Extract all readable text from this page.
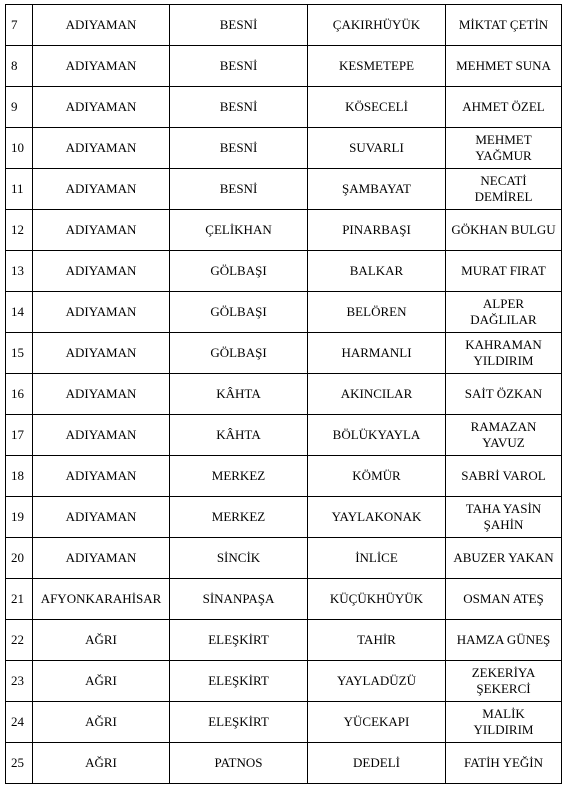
7	ADIYAMAN	BESNİ	ÇAKIRHÜYÜK	MİKTAT ÇETİN

8	ADIYAMAN	BESNİ	KESMETEPE	MEHMET SUNA

9	ADIYAMAN	BESNİ	KÖSECELİ	AHMET ÖZEL

10	ADIYAMAN	BESNİ	SUVARLI	MEHMET
YAĞMUR

11	ADIYAMAN	BESNİ	ŞAMBAYAT	NECATİ
DEMİREL

12	ADIYAMAN	ÇELİKHAN	PINARBAŞI	GÖKHAN BULGU

13	ADIYAMAN	GÖLBAŞI	BALKAR	MURAT FIRAT

14	ADIYAMAN	GÖLBAŞI	BELÖREN	ALPER
DAĞLILAR

15	ADIYAMAN	GÖLBAŞI	HARMANLI	KAHRAMAN
YILDIRIM

16	ADIYAMAN	KÂHTA	AKINCILAR	SAİT ÖZKAN

17	ADIYAMAN	KÂHTA	BÖLÜKYAYLA	RAMAZAN
YAVUZ

18	ADIYAMAN	MERKEZ	KÖMÜR	SABRİ VAROL

19	ADIYAMAN	MERKEZ	YAYLAKONAK	TAHA YASİN
ŞAHİN

20	ADIYAMAN	SİNCİK	İNLİCE	ABUZER YAKAN

21	AFYONKARAHİSAR	SİNANPAŞA	KÜÇÜKHÜYÜK	OSMAN ATEŞ

22	AĞRI	ELEŞKİRT	TAHİR	HAMZA GÜNEŞ

23	AĞRI	ELEŞKİRT	YAYLADÜZÜ	ZEKERİYA
ŞEKERCİ

24	AĞRI	ELEŞKİRT	YÜCEKAPI	MALİK
YILDIRIM

25	AĞRI	PATNOS	DEDELİ	FATİH YEĞİN
